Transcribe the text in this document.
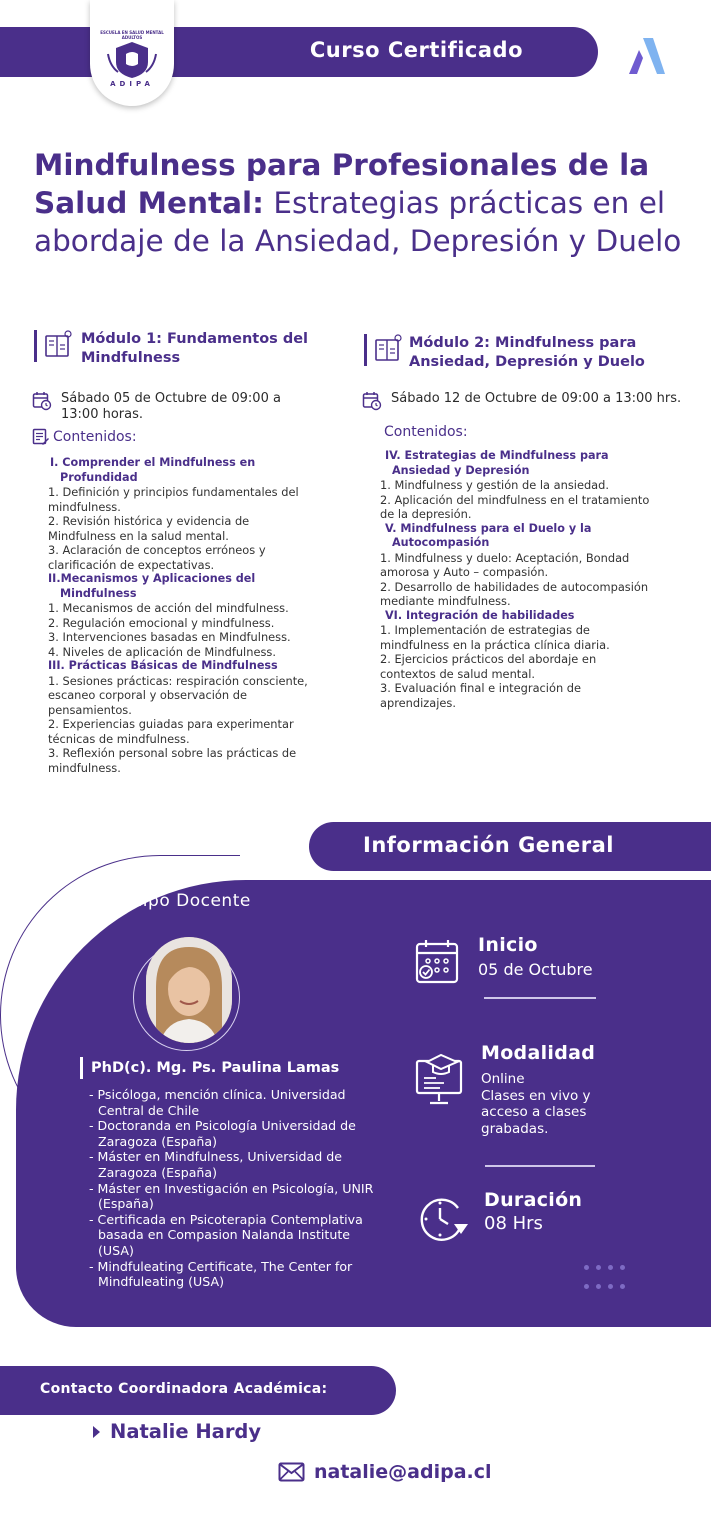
Curso Certificado
ESCUELA EN SALUD MENTAL ADULTOS
ADIPA
Mindfulness para Profesionales de la Salud Mental: Estrategias prácticas en el abordaje de la Ansiedad, Depresión y Duelo
Módulo 1: Fundamentos del Mindfulness
Sábado 05 de Octubre de 09:00 a 13:00 horas.
Contenidos:
I. Comprender el Mindfulness en
Profundidad
1. Definición y principios fundamentales del mindfulness.
2. Revisión histórica y evidencia de Mindfulness en la salud mental.
3. Aclaración de conceptos erróneos y clarificación de expectativas.
II.Mecanismos y Aplicaciones del
Mindfulness
1. Mecanismos de acción del mindfulness.
2. Regulación emocional y mindfulness.
3. Intervenciones basadas en Mindfulness.
4. Niveles de aplicación de Mindfulness.
III. Prácticas Básicas de Mindfulness
1. Sesiones prácticas: respiración consciente, escaneo corporal y observación de pensamientos.
2. Experiencias guiadas para experimentar técnicas de mindfulness.
3. Reflexión personal sobre las prácticas de mindfulness.
Módulo 2: Mindfulness para Ansiedad, Depresión y Duelo
Sábado 12 de Octubre de 09:00 a 13:00 hrs.
Contenidos:
IV. Estrategias de Mindfulness para
Ansiedad y Depresión
1. Mindfulness y gestión de la ansiedad.
2. Aplicación del mindfulness en el tratamiento de la depresión.
V. Mindfulness para el Duelo y la
Autocompasión
1. Mindfulness y duelo: Aceptación, Bondad amorosa y Auto – compasión.
2. Desarrollo de habilidades de autocompasión mediante mindfulness.
VI. Integración de habilidades
1. Implementación de estrategias de mindfulness en la práctica clínica diaria.
2. Ejercicios prácticos del abordaje en contextos de salud mental.
3. Evaluación final e integración de aprendizajes.
Información General
Equipo Docente
PhD(c). Mg. Ps. Paulina Lamas
- Psicóloga, mención clínica. Universidad Central de Chile
- Doctoranda en Psicología Universidad de Zaragoza (España)
- Máster en Mindfulness, Universidad de Zaragoza (España)
- Máster en Investigación en Psicología, UNIR (España)
- Certificada en Psicoterapia Contemplativa basada en Compasion Nalanda Institute (USA)
- Mindfuleating Certificate, The Center for Mindfuleating (USA)
Inicio
05 de Octubre
Modalidad
Online
Clases en vivo y acceso a clases grabadas.
Duración
08 Hrs

Contacto Coordinadora Académica:
Natalie Hardy
natalie@adipa.cl
